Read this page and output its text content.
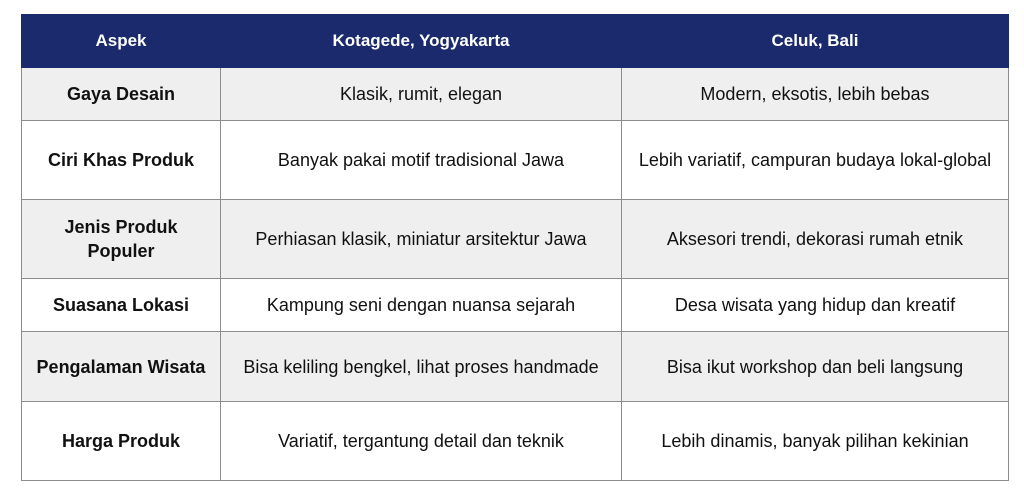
Aspek	Kotagede, Yogyakarta	Celuk, Bali
Gaya Desain	Klasik, rumit, elegan	Modern, eksotis, lebih bebas
Ciri Khas Produk	Banyak pakai motif tradisional Jawa	Lebih variatif, campuran budaya lokal-global
Jenis Produk Populer	Perhiasan klasik, miniatur arsitektur Jawa	Aksesori trendi, dekorasi rumah etnik
Suasana Lokasi	Kampung seni dengan nuansa sejarah	Desa wisata yang hidup dan kreatif
Pengalaman Wisata	Bisa keliling bengkel, lihat proses handmade	Bisa ikut workshop dan beli langsung
Harga Produk	Variatif, tergantung detail dan teknik	Lebih dinamis, banyak pilihan kekinian
